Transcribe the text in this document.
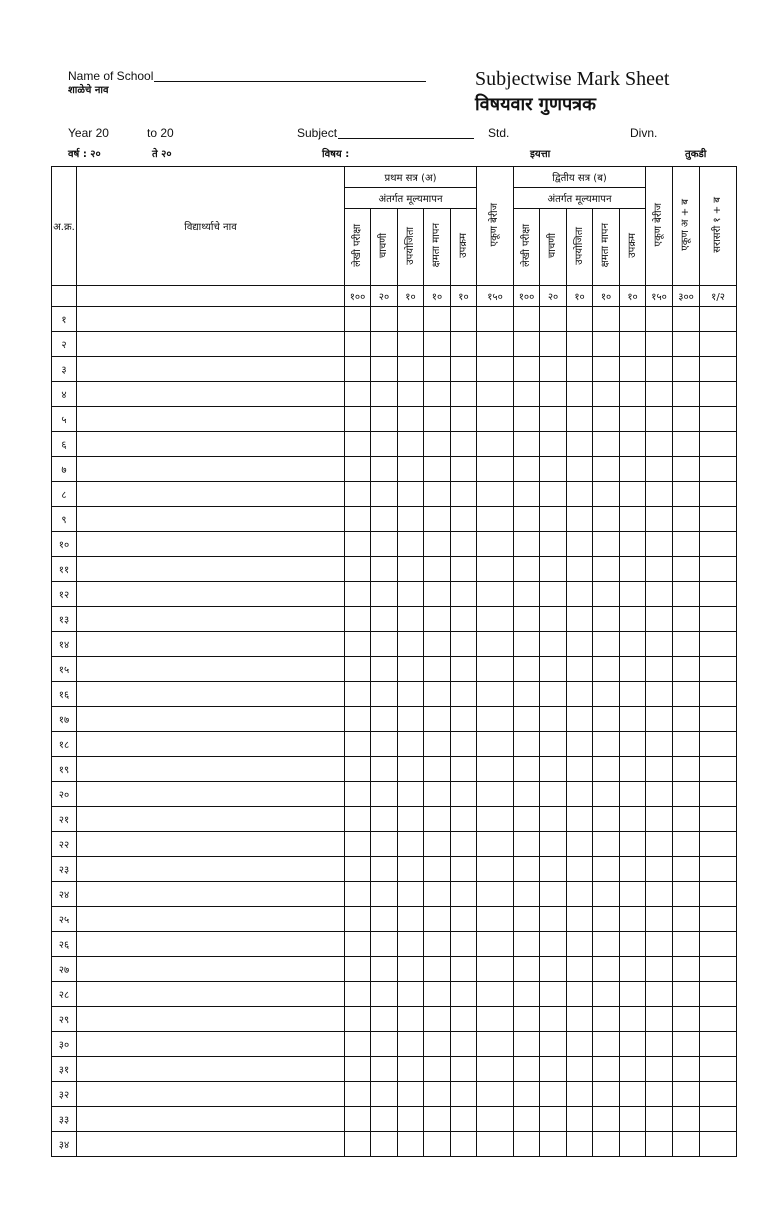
Name of School
शाळेचे नाव
Subjectwise Mark Sheet
विषयवार गुणपत्रक
Year 20	to 20	Subject	Std.	Divn.
वर्ष : २०	ते २०	विषय :	इयत्ता	तुकडी
अ.क्र.	विद्यार्थ्याचे नाव	प्रथम सत्र (अ)					एकूण बेरीज	द्वितीय सत्र (ब)					एकूण बेरीज	एकूण अ + ब	सरासरी १ + ब
		अंतर्गत मूल्यमापन						अंतर्गत मूल्यमापन							
		लेखी परीक्षा	चाचणी	उपयोजिता	क्षमता मापन	उपक्रम		लेखी परीक्षा	चाचणी	उपयोजिता	क्षमता मापन	उपक्रम			
		१००	२०	१०	१०	१०	१५०	१००	२०	१०	१०	१०	१५०	३००	१/२
१															
२															
३															
४															
५															
६															
७															
८															
९															
१०															
११															
१२															
१३															
१४															
१५															
१६															
१७															
१८															
१९															
२०															
२१															
२२															
२३															
२४															
२५															
२६															
२७															
२८															
२९															
३०															
३१															
३२															
३३															
३४															
